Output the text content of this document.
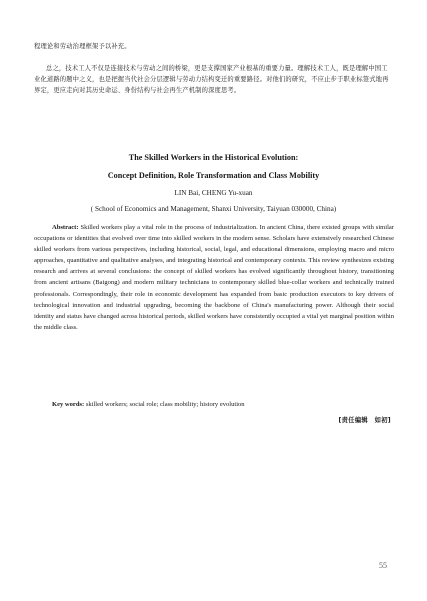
程理论和劳动治理框架予以补充。

总之，技术工人不仅是连接技术与劳动之间的桥梁，更是支撑国家产业根基的重要力量。理解技术工人，既是理解中国工业化道路的题中之义，也是把握当代社会分层逻辑与劳动力结构变迁的重要路径。对他们的研究，不应止步于职业标签式地再界定，更应走向对其历史命运、身份结构与社会再生产机制的深度思考。

The Skilled Workers in the Historical Evolution:
Concept Definition, Role Transformation and Class Mobility
LIN Bai, CHENG Yu-xuan
( School of Economics and Management, Shanxi University, Taiyuan 030000, China)

Abstract: Skilled workers play a vital role in the process of industrialization. In ancient China, there existed groups with similar occupations or identities that evolved over time into skilled workers in the modern sense. Scholars have extensively researched Chinese skilled workers from various perspectives, including historical, social, legal, and educational dimensions, employing macro and micro approaches, quantitative and qualitative analyses, and integrating historical and contemporary contexts. This review synthesizes existing research and arrives at several conclusions: the concept of skilled workers has evolved significantly throughout history, transitioning from ancient artisans (Baigong) and modern military technicians to contemporary skilled blue-collar workers and technically trained professionals. Correspondingly, their role in economic development has expanded from basic production executors to key drivers of technological innovation and industrial upgrading, becoming the backbone of China's manufacturing power. Although their social identity and status have changed across historical periods, skilled workers have consistently occupied a vital yet marginal position within the middle class.

Key words: skilled workers; social role; class mobility; history evolution
[责任编辑　如初]
55
